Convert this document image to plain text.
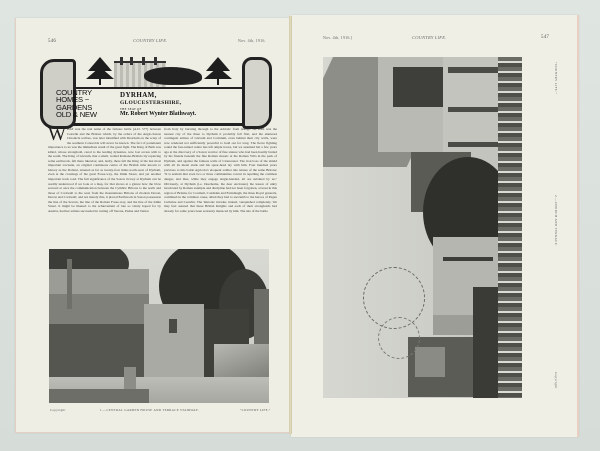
546	COUNTRY LIFE.	Nov. 4th, 1916.
Nov. 4th, 1916.]	COUNTRY LIFE.	547
COUNTRY
HOMES ~
GARDENS
OLD & NEW
DYRHAM,
GLOUCESTERSHIRE,
THE SEAT OF
Mr. Robert Wynter Blathwayt.
WHAT was the real name of the famous battle (A.D. 577) between Ceawlin and the Britons which, by the orders of the Anglo-Saxon Chronicle scribes, was later identified with Deorham on the scarp of the southern Cotswolds will never be known. The fact of paramount importance to us was the immediate result of the great fight. The King of Bath was killed, whose stronghold, cared to the leading dynasties, now lost access with to the south. The King of Glevum, that a small, walled Romano-British city replacing some earthwork, fell there likewise; and, lastly, there fell the King of the last most important townsite, an original continuous centre of the British tribe known to history as the Dobuni, situated as far as twenty-four miles north-west of Dyrham, even at the crossings of the great Fosse-way, the Irmin Street, and yet another important track road. The full significance of the Saxon victory at Dyrham can be readily understood if we look at a map, for that shows at a glance how the blow severed at once the communication between the Cymbric Britons to the north and those of Cornwall to the west from the mountainous Britons of modern Dorset, Devon and Cornwall; and not merely this, it placed Earthwork in Saxon possession the line of the Severn, the line of the Roman Fosse-way, and the line of the Irmin Street. It might be likened to the achievement of late so vainly hoped for by Austria, had her armies succeeded in cutting off Verona, Padua and Venice
from Italy by bursting through to the Adriatic from Asiago. As Bath was the nearest city of the three to Dyrham it probably fell first, and the shattered contingent armies of Glevum and Corinium, even behind their city walls, were now rendered not sufficiently powerful to hold out for long. The fierce fighting round the fast-ruined centre has left ample traces, but we assumed but a few years ago at the discovery of a Saxon warrior of fine stature who had been hastily buried by his friends beneath the fine Roman mosaic at the Roman Villa in the park of Dyrham, and against the famous walls of Cirencester. The iron boss of the shield with all its metal studs and his spear-head lay with him. Four hundred years previous to this battle Agricola's eloquent soldier tale relates of the same Britons: "It is seldom that even two or three communities concur in repelling the common danger, and thus, while they engage single-handed, all are subdued by us." Obviously, at Dyrham (i.e. Deerhome, the deer enclosure) the lesson of unity inculcated by Roman example and discipline had not been forgotten, at least in this region of Britain, for Conmail, Condidan and Farinmagil, the three Royal generals, combined in the common cause, albeit they had to succumb to the heroes of Pagan Cutlwine and Ceawlin. The Teutonic invader, indeed, vanquished completely. We may feel assured that these British Knights and each of their strongholds had already for some years been seriously menaced by him. The site of the battle
Copyright	1.—CENTRAL GARDEN HOUSE AND TERRACE STAIRWAY.	"COUNTRY LIFE."
"COUNTRY LIFE."
2.—CHURCH AND TERRACE.
Copyright
